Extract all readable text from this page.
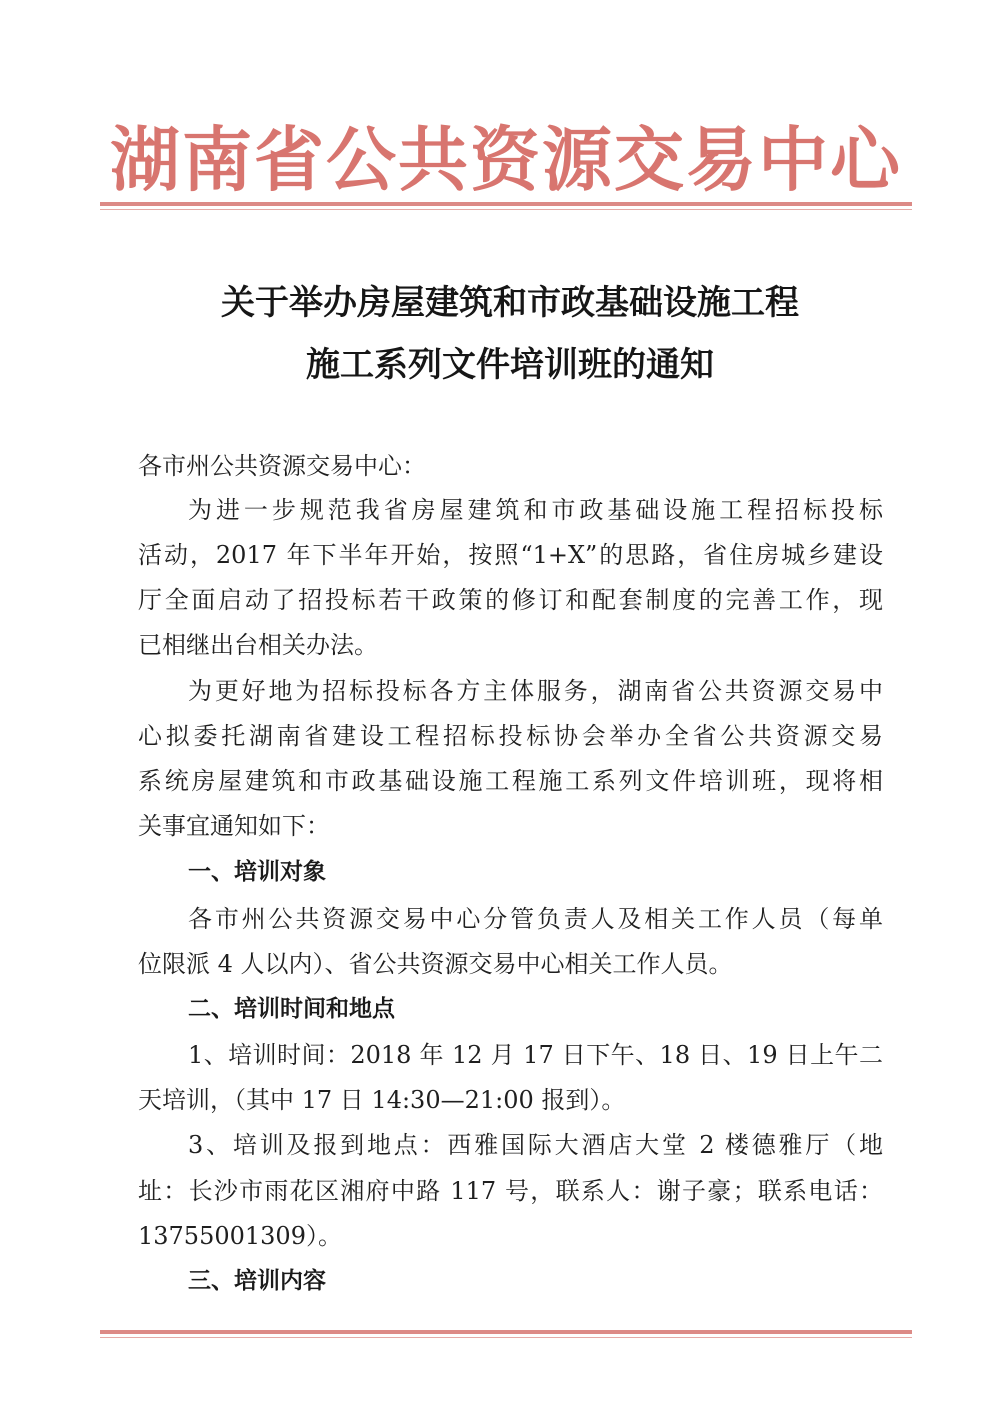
湖南省公共资源交易中心
关于举办房屋建筑和市政基础设施工程
施工系列文件培训班的通知
各市州公共资源交易中心：
为进一步规范我省房屋建筑和市政基础设施工程招标投标
活动，2017 年下半年开始，按照“1+X”的思路，省住房城乡建设
厅全面启动了招投标若干政策的修订和配套制度的完善工作，现
已相继出台相关办法。
为更好地为招标投标各方主体服务，湖南省公共资源交易中
心拟委托湖南省建设工程招标投标协会举办全省公共资源交易
系统房屋建筑和市政基础设施工程施工系列文件培训班，现将相
关事宜通知如下：
一、培训对象
各市州公共资源交易中心分管负责人及相关工作人员（每单
位限派 4 人以内）、省公共资源交易中心相关工作人员。
二、培训时间和地点
1、培训时间：2018 年 12 月 17 日下午、18 日、19 日上午二
天培训，（其中 17 日 14:30—21:00 报到）。
3、培训及报到地点：西雅国际大酒店大堂 2 楼德雅厅（地
址：长沙市雨花区湘府中路 117 号，联系人：谢子豪；联系电话：
13755001309）。
三、培训内容
